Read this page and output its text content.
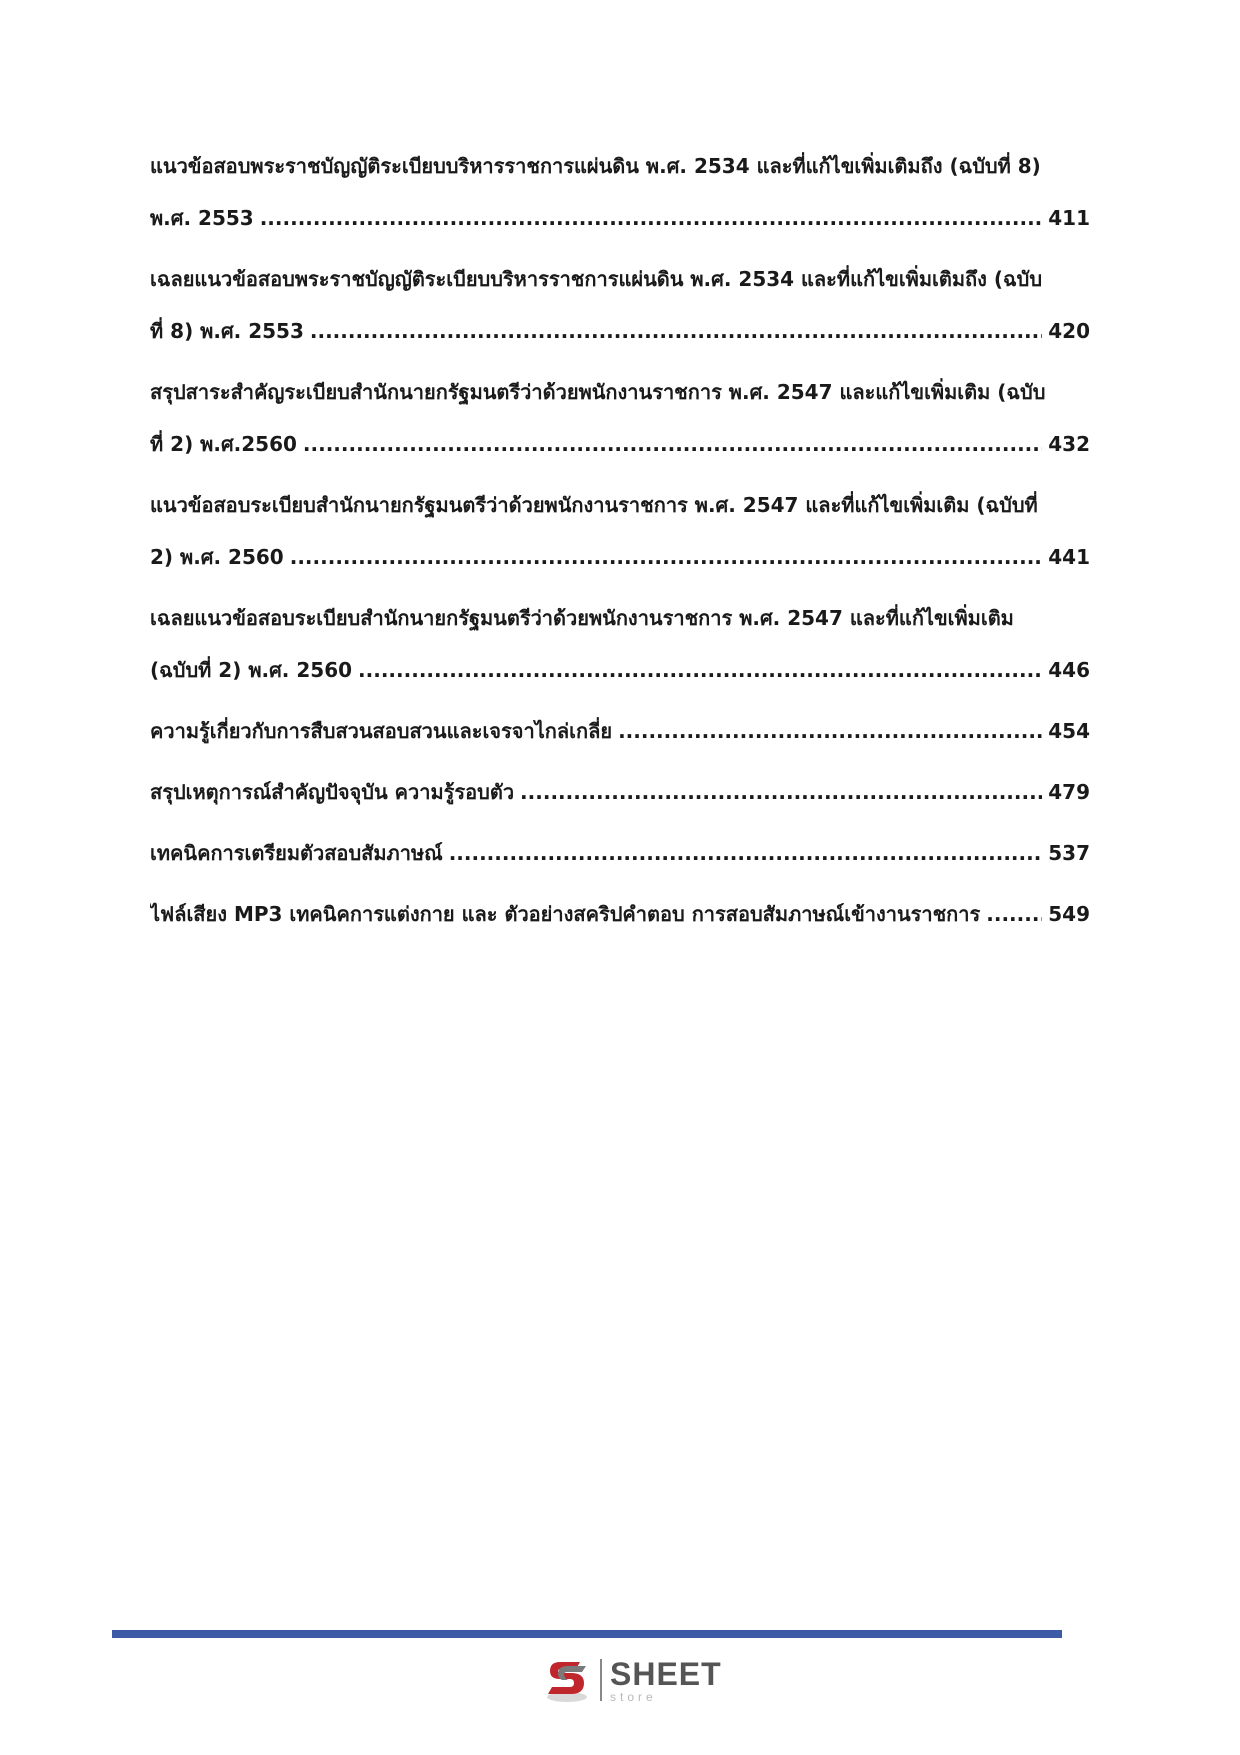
แนวข้อสอบพระราชบัญญัติระเบียบบริหารราชการแผ่นดิน พ.ศ. 2534 และที่แก้ไขเพิ่มเติมถึง (ฉบับที่ 8)
พ.ศ. 2553 .....	411
เฉลยแนวข้อสอบพระราชบัญญัติระเบียบบริหารราชการแผ่นดิน พ.ศ. 2534 และที่แก้ไขเพิ่มเติมถึง (ฉบับ
ที่ 8) พ.ศ. 2553 .....	420
สรุปสาระสำคัญระเบียบสำนักนายกรัฐมนตรีว่าด้วยพนักงานราชการ พ.ศ. 2547 และแก้ไขเพิ่มเติม (ฉบับ
ที่ 2) พ.ศ.2560 .....	432
แนวข้อสอบระเบียบสำนักนายกรัฐมนตรีว่าด้วยพนักงานราชการ พ.ศ. 2547 และที่แก้ไขเพิ่มเติม (ฉบับที่
2) พ.ศ. 2560 .....	441
เฉลยแนวข้อสอบระเบียบสำนักนายกรัฐมนตรีว่าด้วยพนักงานราชการ พ.ศ. 2547 และที่แก้ไขเพิ่มเติม
(ฉบับที่ 2) พ.ศ. 2560 .....	446
ความรู้เกี่ยวกับการสืบสวนสอบสวนและเจรจาไกล่เกลี่ย .....	454
สรุปเหตุการณ์สำคัญปัจจุบัน ความรู้รอบตัว .....	479
เทคนิคการเตรียมตัวสอบสัมภาษณ์ .....	537
ไฟล์เสียง MP3 เทคนิคการแต่งกาย และ ตัวอย่างสคริปคำตอบ การสอบสัมภาษณ์เข้างานราชการ .....	549
SHEET
store
